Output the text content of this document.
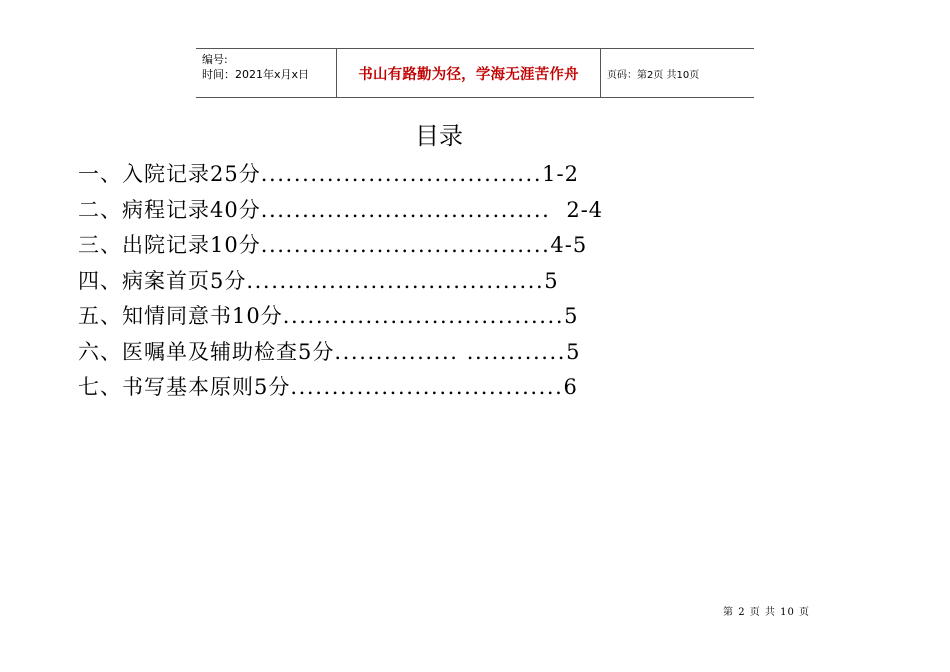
编号:
时间：2021年x月x日	书山有路勤为径，学海无涯苦作舟	页码：第2页 共10页
目录
一、入院记录25分..................................1-2
二、病程记录40分...................................  2-4
三、出院记录10分...................................4-5
四、病案首页5分....................................5
五、知情同意书10分..................................5
六、医嘱单及辅助检查5分............... ............5
七、书写基本原则5分.................................6
第 2 页 共 10 页
